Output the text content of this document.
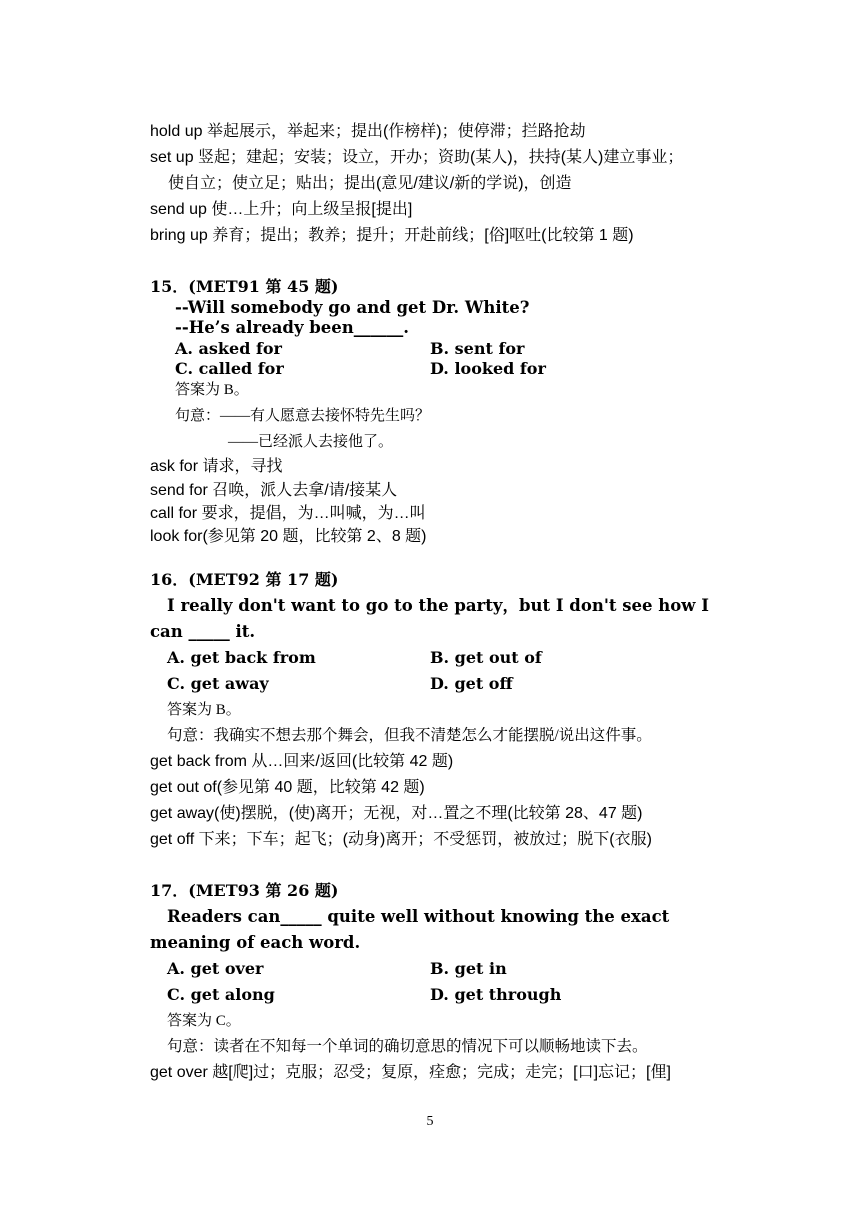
hold up 举起展示，举起来；提出(作榜样)；使停滞；拦路抢劫
set up 竖起；建起；安装；设立，开办；资助(某人)，扶持(某人)建立事业；
使自立；使立足；贴出；提出(意见/建议/新的学说)，创造
send up 使…上升；向上级呈报[提出]
bring up 养育；提出；教养；提升；开赴前线；[俗]呕吐(比较第 1 题)
15．(MET91 第 45 题)
--Will somebody go and get Dr. White?
--He’s already been______.
A. asked for	B. sent for
C. called for	D. looked for
答案为 B。
句意：——有人愿意去接怀特先生吗？
——已经派人去接他了。
ask for 请求，寻找
send for 召唤，派人去拿/请/接某人
call for 要求，提倡，为…叫喊，为…叫
look for(参见第 20 题，比较第 2、8 题)
16．(MET92 第 17 题)
I really don't want to go to the party，but I don't see how I
can _____ it.
A. get back from	B. get out of
C. get away	D. get off
答案为 B。
句意：我确实不想去那个舞会，但我不清楚怎么才能摆脱/说出这件事。
get back from 从…回来/返回(比较第 42 题)
get out of(参见第 40 题，比较第 42 题)
get away(使)摆脱，(使)离开；无视，对…置之不理(比较第 28、47 题)
get off 下来；下车；起飞；(动身)离开；不受惩罚，被放过；脱下(衣服)
17．(MET93 第 26 题)
Readers can_____ quite well without knowing the exact
meaning of each word.
A. get over	B. get in
C. get along	D. get through
答案为 C。
句意：读者在不知每一个单词的确切意思的情况下可以顺畅地读下去。
get over 越[爬]过；克服；忍受；复原，痊愈；完成；走完；[口]忘记；[俚]
5
